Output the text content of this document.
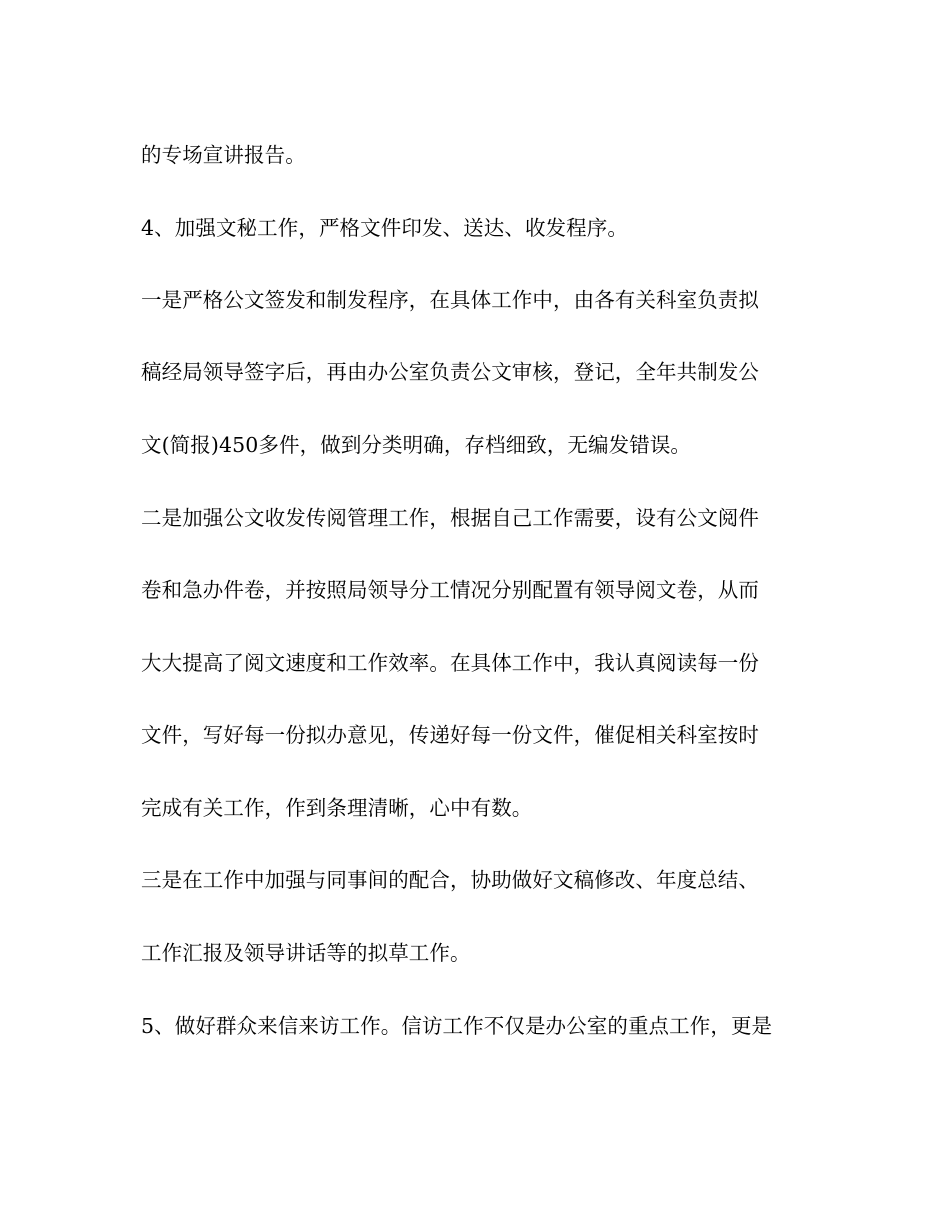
的专场宣讲报告。

4、加强文秘工作，严格文件印发、送达、收发程序。

一是严格公文签发和制发程序，在具体工作中，由各有关科室负责拟

稿经局领导签字后，再由办公室负责公文审核，登记，全年共制发公

文(简报)450多件，做到分类明确，存档细致，无编发错误。

二是加强公文收发传阅管理工作，根据自己工作需要，设有公文阅件

卷和急办件卷，并按照局领导分工情况分别配置有领导阅文卷，从而

大大提高了阅文速度和工作效率。在具体工作中，我认真阅读每一份

文件，写好每一份拟办意见，传递好每一份文件，催促相关科室按时

完成有关工作，作到条理清晰，心中有数。

三是在工作中加强与同事间的配合，协助做好文稿修改、年度总结、

工作汇报及领导讲话等的拟草工作。

5、做好群众来信来访工作。信访工作不仅是办公室的重点工作，更是
